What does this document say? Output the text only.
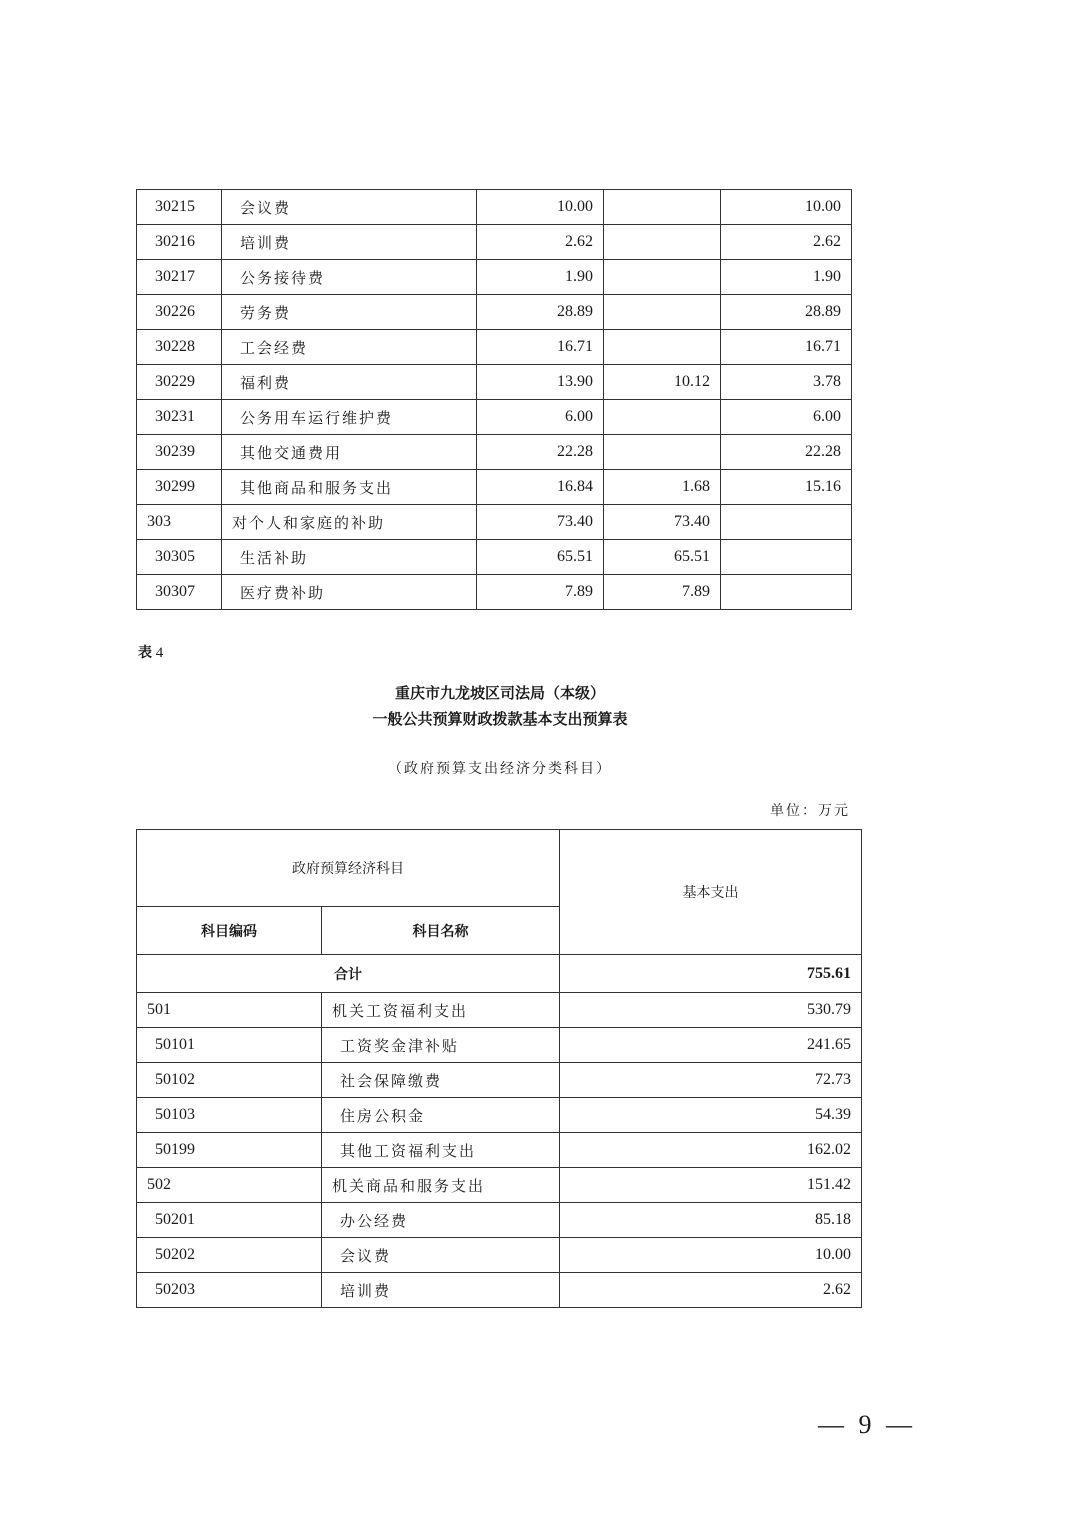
30215	会议费	10.00		10.00
30216	培训费	2.62		2.62
30217	公务接待费	1.90		1.90
30226	劳务费	28.89		28.89
30228	工会经费	16.71		16.71
30229	福利费	13.90	10.12	3.78
30231	公务用车运行维护费	6.00		6.00
30239	其他交通费用	22.28		22.28
30299	其他商品和服务支出	16.84	1.68	15.16
303	对个人和家庭的补助	73.40	73.40	
30305	生活补助	65.51	65.51	
30307	医疗费补助	7.89	7.89	
表 4
重庆市九龙坡区司法局（本级）
一般公共预算财政拨款基本支出预算表
（政府预算支出经济分类科目）
单位：万元
政府预算经济科目		基本支出
科目编码	科目名称	
合计		755.61
501	机关工资福利支出	530.79
50101	工资奖金津补贴	241.65
50102	社会保障缴费	72.73
50103	住房公积金	54.39
50199	其他工资福利支出	162.02
502	机关商品和服务支出	151.42
50201	办公经费	85.18
50202	会议费	10.00
50203	培训费	2.62
— 9 —
